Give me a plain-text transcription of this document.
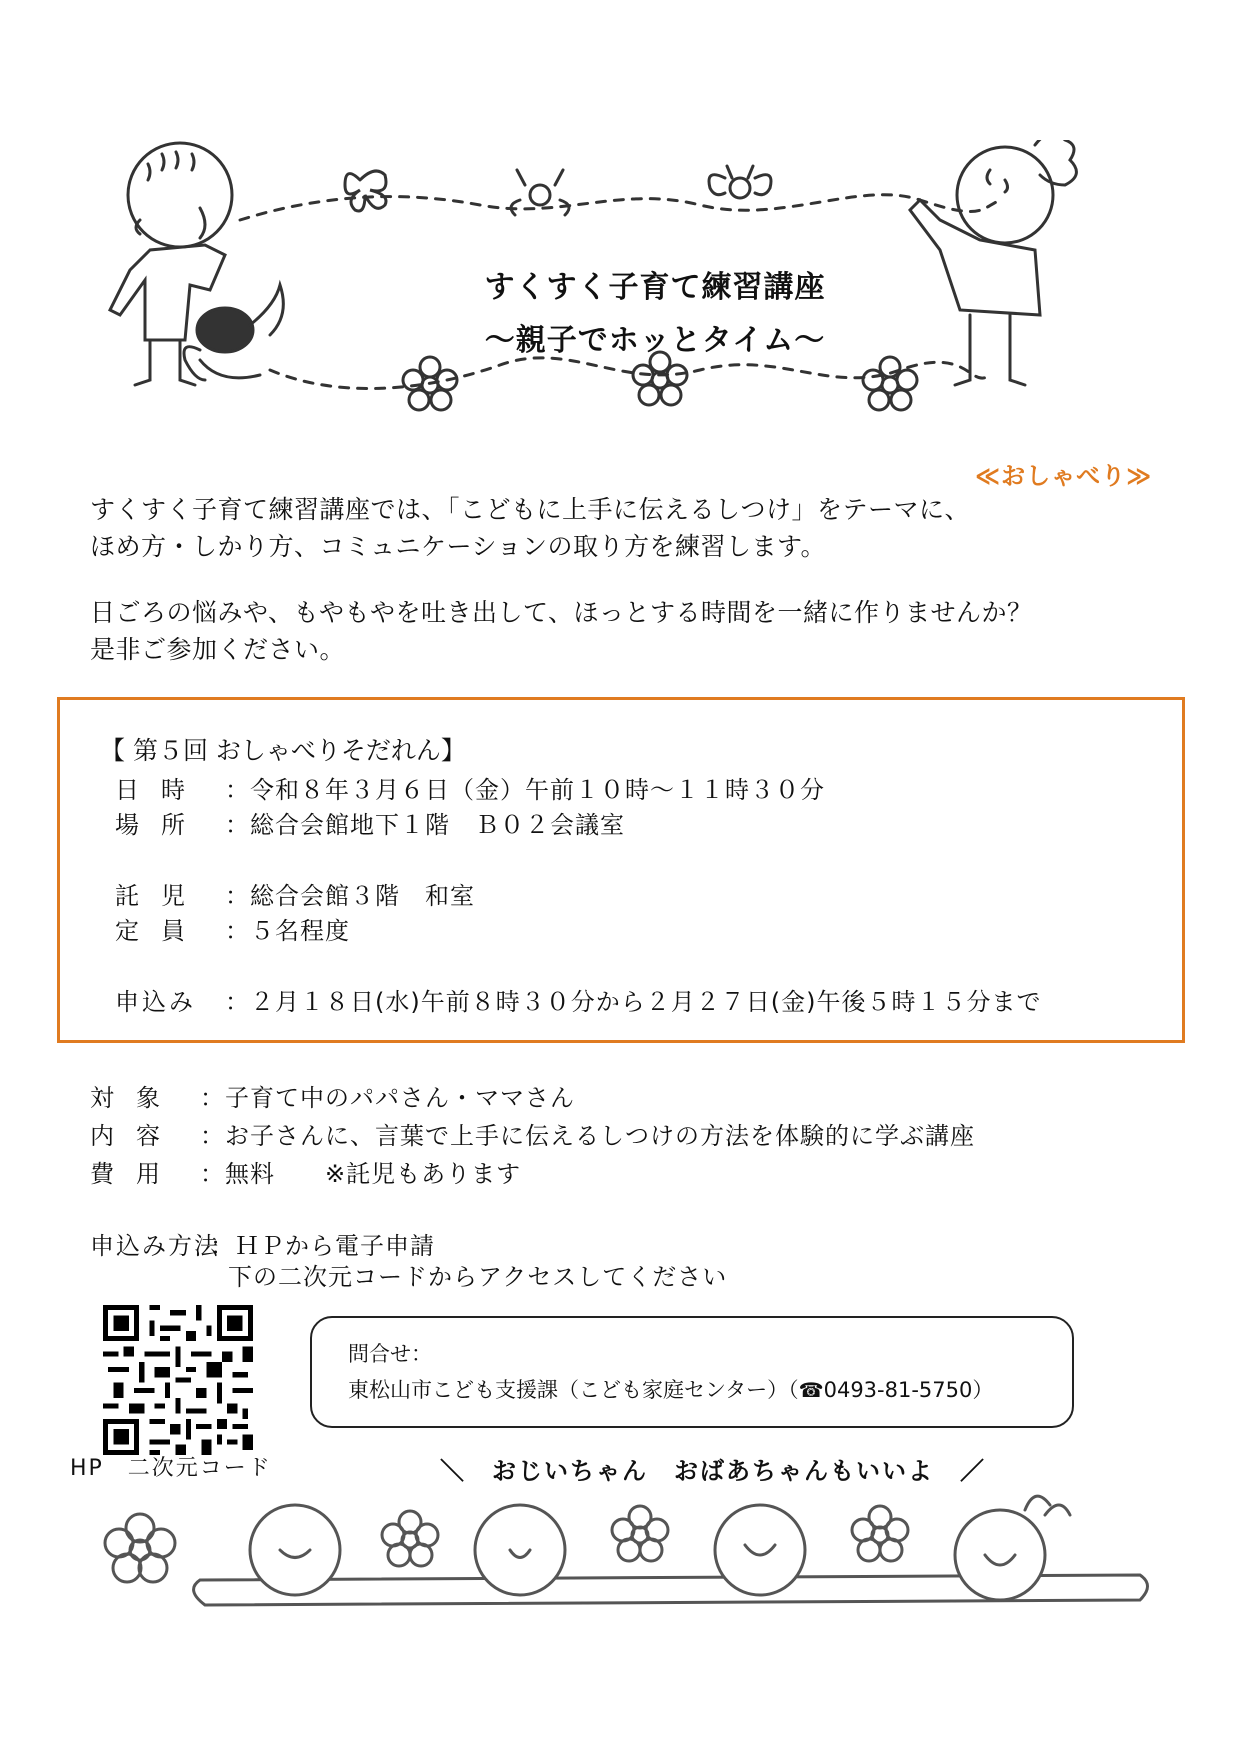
すくすく子育て練習講座
～親子でホッとタイム～
≪おしゃべり≫
すくすく子育て練習講座では、「こどもに上手に伝えるしつけ」をテーマに、
ほめ方・しかり方、コミュニケーションの取り方を練習します。
日ごろの悩みや、もやもやを吐き出して、ほっとする時間を一緒に作りませんか？
是非ご参加ください。
【 第５回 おしゃべりそだれん】
日時 ：令和８年３月６日（金）午前１０時～１１時３０分
場所 ：総合会館地下１階　Ｂ０２会議室
託児 ：総合会館３階　和室
定員 ：５名程度
申込み ：２月１８日(水)午前８時３０分から２月２７日(金)午後５時１５分まで
対象 ：子育て中のパパさん・ママさん
内容 ：お子さんに、言葉で上手に伝えるしつけの方法を体験的に学ぶ講座
費用 ：無料　　※託児もあります
申込み方法
：ＨＰから電子申請
下の二次元コードからアクセスしてください
HP　二次元コード
問合せ：
東松山市こども支援課（こども家庭センター）（☎0493-81-5750）
＼　おじいちゃん　おばあちゃんもいいよ　／
